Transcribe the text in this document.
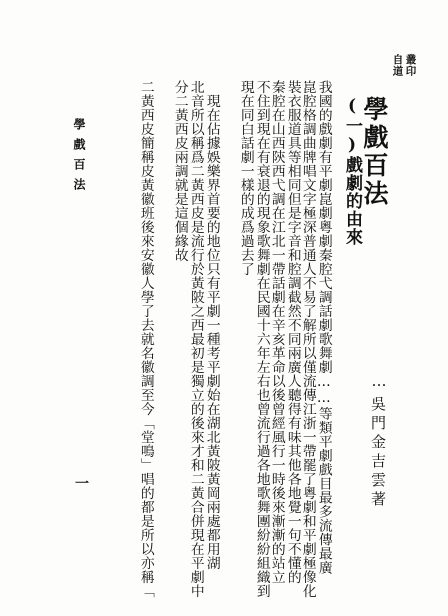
叢印
自道
學戲百法
(一)戲劇的由來
…
吳門金吉雲著
我國的戲劇有平劇崑劇粵劇秦腔弋調話劇歌舞劇……等類平劇戲目最多流傳最廣
崑腔格調曲牌唱文字極深普通人不易了解所以僅流傳江浙一帶罷了粵劇和平劇極像化
裝衣服道具等相同但是字音和腔調截然不同兩廣人聽得有味其他各地覺一句不懂的
秦腔在山西陝西弋調在江北一帶話劇在辛亥革命以後曾經風行一時後來漸漸的站立
不住到現在有衰退的現象歌舞劇在民國十六年左右也曾流行過各地歌舞團紛紛組織到
現在同白話劇一樣的成爲過去了
現在佔據娛樂界首要的地位只有平劇一種考平劇始在湖北黃陂黃岡兩處都用湖
北音所以稱爲二黃西皮是流行於黃陂之西最初是獨立的後來才和二黃合併現在平劇中
分二黃西皮兩調就是這個緣故
二黃西皮簡稱皮黃徽班後來安徽人學了去就名徽調至今「堂鳴」唱的都是所以亦稱「
學戲百法
一
